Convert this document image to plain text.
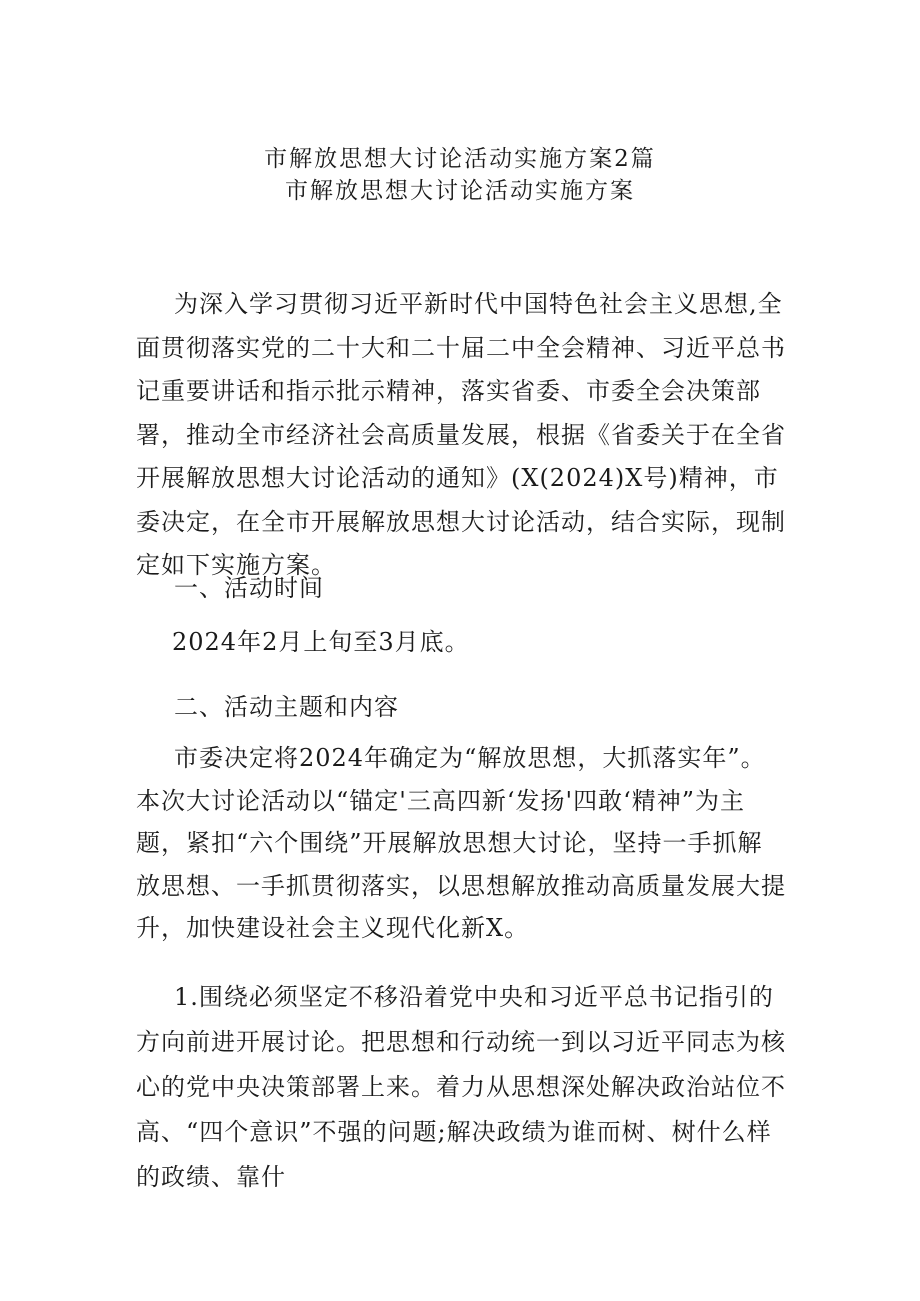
市解放思想大讨论活动实施方案2篇
市解放思想大讨论活动实施方案

为深入学习贯彻习近平新时代中国特色社会主义思想,全面贯彻落实党的二十大和二十届二中全会精神、习近平总书记重要讲话和指示批示精神，落实省委、市委全会决策部署，推动全市经济社会高质量发展，根据《省委关于在全省开展解放思想大讨论活动的通知》(X(2024)X号)精神，市委决定，在全市开展解放思想大讨论活动，结合实际，现制定如下实施方案。

一、活动时间

2024年2月上旬至3月底。

二、活动主题和内容

市委决定将2024年确定为“解放思想，大抓落实年”。本次大讨论活动以“锚定'三高四新‘发扬'四敢‘精神”为主题，紧扣“六个围绕”开展解放思想大讨论，坚持一手抓解放思想、一手抓贯彻落实，以思想解放推动高质量发展大提升，加快建设社会主义现代化新X。

1.围绕必须坚定不移沿着党中央和习近平总书记指引的方向前进开展讨论。把思想和行动统一到以习近平同志为核心的党中央决策部署上来。着力从思想深处解决政治站位不高、“四个意识”不强的问题;解决政绩为谁而树、树什么样的政绩、靠什
